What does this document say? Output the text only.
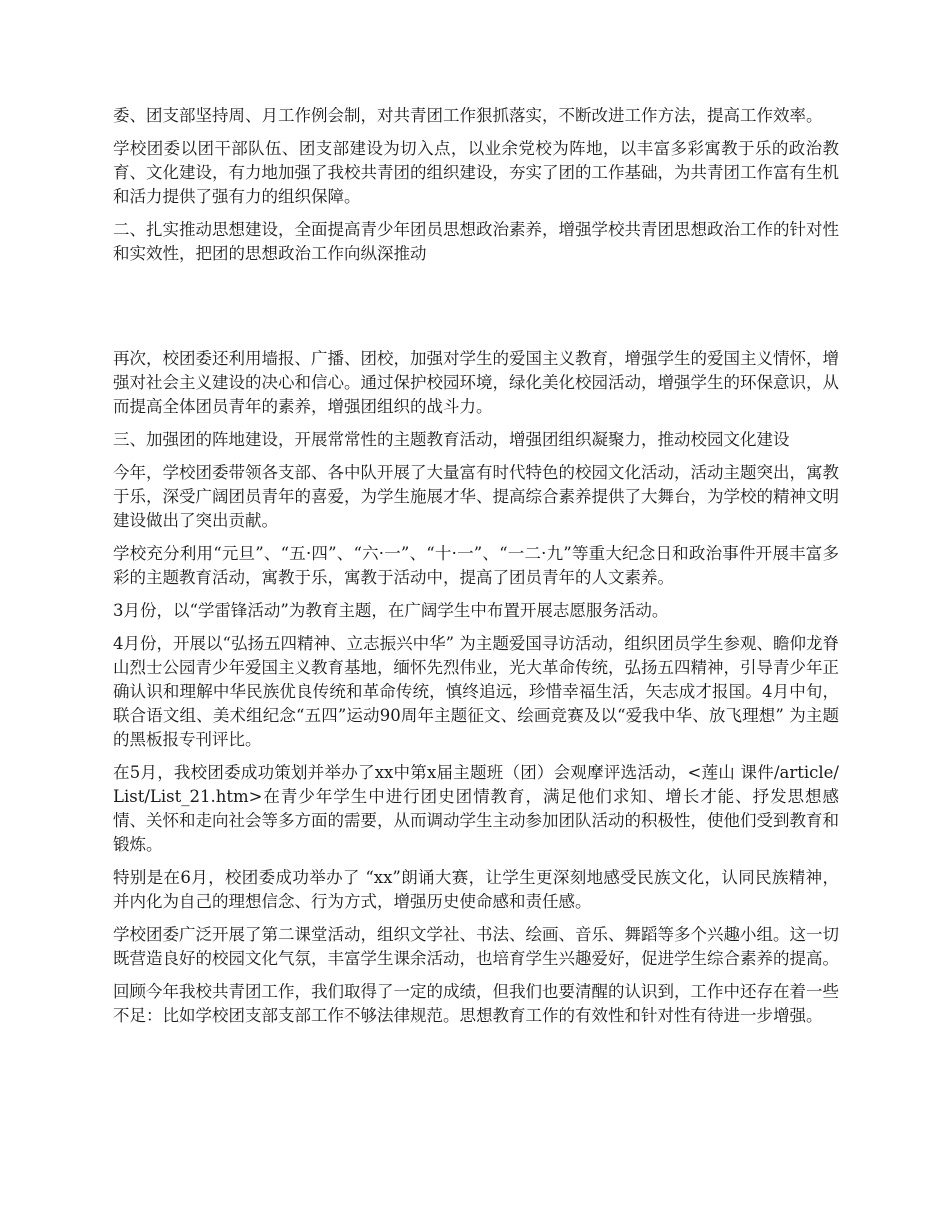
委、团支部坚持周、月工作例会制，对共青团工作狠抓落实，不断改进工作方法，提高工作效率。

学校团委以团干部队伍、团支部建设为切入点，以业余党校为阵地，以丰富多彩寓教于乐的政治教育、文化建设，有力地加强了我校共青团的组织建设，夯实了团的工作基础，为共青团工作富有生机和活力提供了强有力的组织保障。

二、扎实推动思想建设，全面提高青少年团员思想政治素养，增强学校共青团思想政治工作的针对性和实效性，把团的思想政治工作向纵深推动

再次，校团委还利用墙报、广播、团校，加强对学生的爱国主义教育，增强学生的爱国主义情怀，增强对社会主义建设的决心和信心。通过保护校园环境，绿化美化校园活动，增强学生的环保意识，从而提高全体团员青年的素养，增强团组织的战斗力。

三、加强团的阵地建设，开展常常性的主题教育活动，增强团组织凝聚力，推动校园文化建设

今年，学校团委带领各支部、各中队开展了大量富有时代特色的校园文化活动，活动主题突出，寓教于乐，深受广阔团员青年的喜爱，为学生施展才华、提高综合素养提供了大舞台，为学校的精神文明建设做出了突出贡献。

学校充分利用“元旦”、“五·四”、“六·一”、“十·一”、“一二·九”等重大纪念日和政治事件开展丰富多彩的主题教育活动，寓教于乐，寓教于活动中，提高了团员青年的人文素养。

3月份，以“学雷锋活动”为教育主题，在广阔学生中布置开展志愿服务活动。

4月份，开展以“弘扬五四精神、立志振兴中华” 为主题爱国寻访活动，组织团员学生参观、瞻仰龙脊山烈士公园青少年爱国主义教育基地，缅怀先烈伟业，光大革命传统，弘扬五四精神，引导青少年正确认识和理解中华民族优良传统和革命传统，慎终追远，珍惜幸福生活，矢志成才报国。4月中旬，联合语文组、美术组纪念“五四”运动90周年主题征文、绘画竞赛及以“爱我中华、放飞理想” 为主题的黑板报专刊评比。

在5月，我校团委成功策划并举办了xx中第x届主题班（团）会观摩评选活动，<莲山 课件/article/List/List_21.htm>在青少年学生中进行团史团情教育，满足他们求知、增长才能、抒发思想感情、关怀和走向社会等多方面的需要，从而调动学生主动参加团队活动的积极性，使他们受到教育和锻炼。

特别是在6月，校团委成功举办了 “xx”朗诵大赛，让学生更深刻地感受民族文化，认同民族精神，并内化为自己的理想信念、行为方式，增强历史使命感和责任感。

学校团委广泛开展了第二课堂活动，组织文学社、书法、绘画、音乐、舞蹈等多个兴趣小组。这一切既营造良好的校园文化气氛，丰富学生课余活动，也培育学生兴趣爱好，促进学生综合素养的提高。

回顾今年我校共青团工作，我们取得了一定的成绩，但我们也要清醒的认识到，工作中还存在着一些不足：比如学校团支部支部工作不够法律规范。思想教育工作的有效性和针对性有待进一步增强。
